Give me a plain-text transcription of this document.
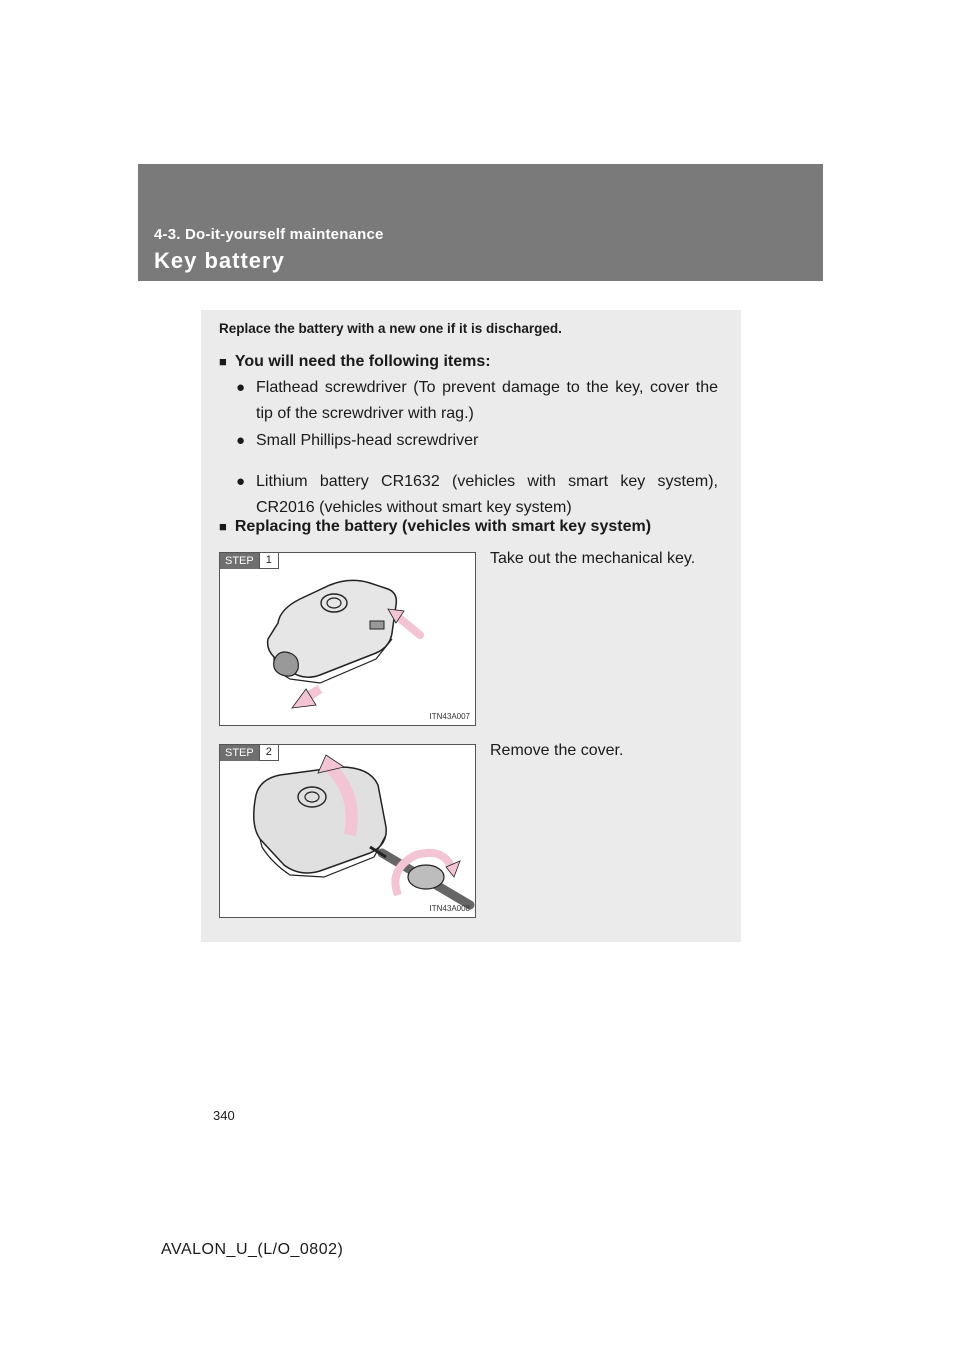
4-3. Do-it-yourself maintenance
Key battery
Replace the battery with a new one if it is discharged.
■ You will need the following items:
● Flathead screwdriver (To prevent damage to the key, cover the tip of the screwdriver with rag.)
● Small Phillips-head screwdriver
● Lithium battery CR1632 (vehicles with smart key system), CR2016 (vehicles without smart key system)
■ Replacing the battery (vehicles with smart key system)
STEP	1
ITN43A007
Take out the mechanical key.
STEP	2
ITN43A008
Remove the cover.
340
AVALON_U_(L/O_0802)
